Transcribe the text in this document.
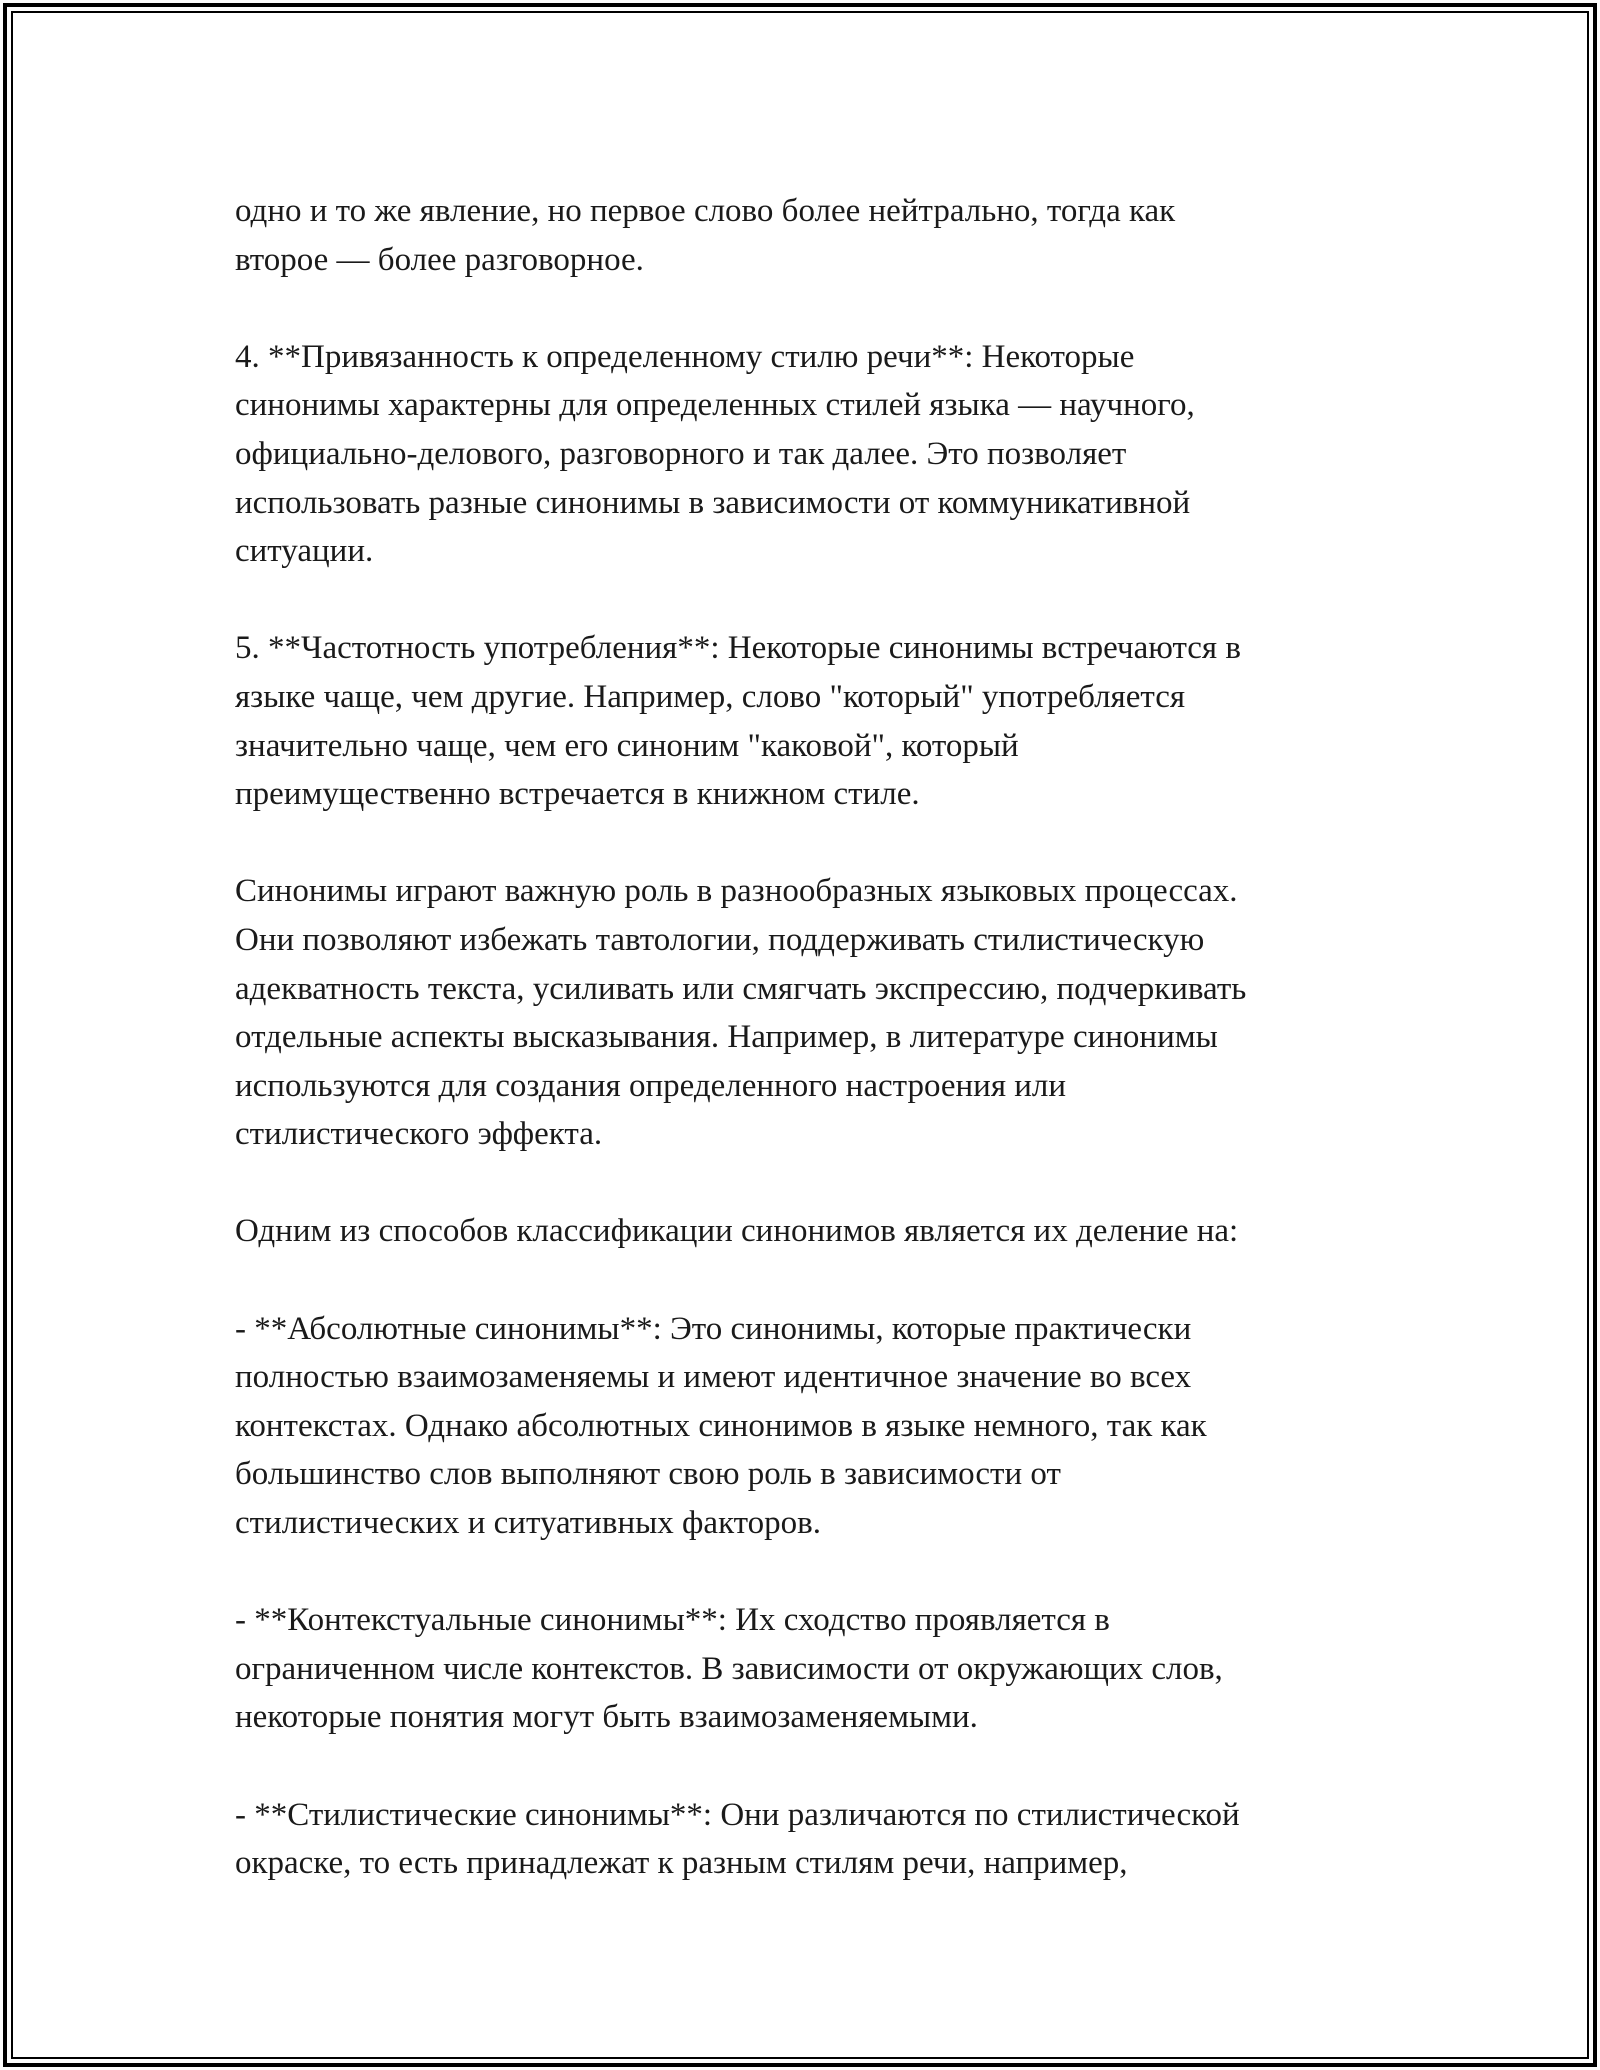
одно и то же явление, но первое слово более нейтрально, тогда как
второе — более разговорное.
4. **Привязанность к определенному стилю речи**: Некоторые
синонимы характерны для определенных стилей языка — научного,
официально-делового, разговорного и так далее. Это позволяет
использовать разные синонимы в зависимости от коммуникативной
ситуации.
5. **Частотность употребления**: Некоторые синонимы встречаются в
языке чаще, чем другие. Например, слово "который" употребляется
значительно чаще, чем его синоним "каковой", который
преимущественно встречается в книжном стиле.
Синонимы играют важную роль в разнообразных языковых процессах.
Они позволяют избежать тавтологии, поддерживать стилистическую
адекватность текста, усиливать или смягчать экспрессию, подчеркивать
отдельные аспекты высказывания. Например, в литературе синонимы
используются для создания определенного настроения или
стилистического эффекта.
Одним из способов классификации синонимов является их деление на:
- **Абсолютные синонимы**: Это синонимы, которые практически
полностью взаимозаменяемы и имеют идентичное значение во всех
контекстах. Однако абсолютных синонимов в языке немного, так как
большинство слов выполняют свою роль в зависимости от
стилистических и ситуативных факторов.
- **Контекстуальные синонимы**: Их сходство проявляется в
ограниченном числе контекстов. В зависимости от окружающих слов,
некоторые понятия могут быть взаимозаменяемыми.
- **Стилистические синонимы**: Они различаются по стилистической
окраске, то есть принадлежат к разным стилям речи, например,
